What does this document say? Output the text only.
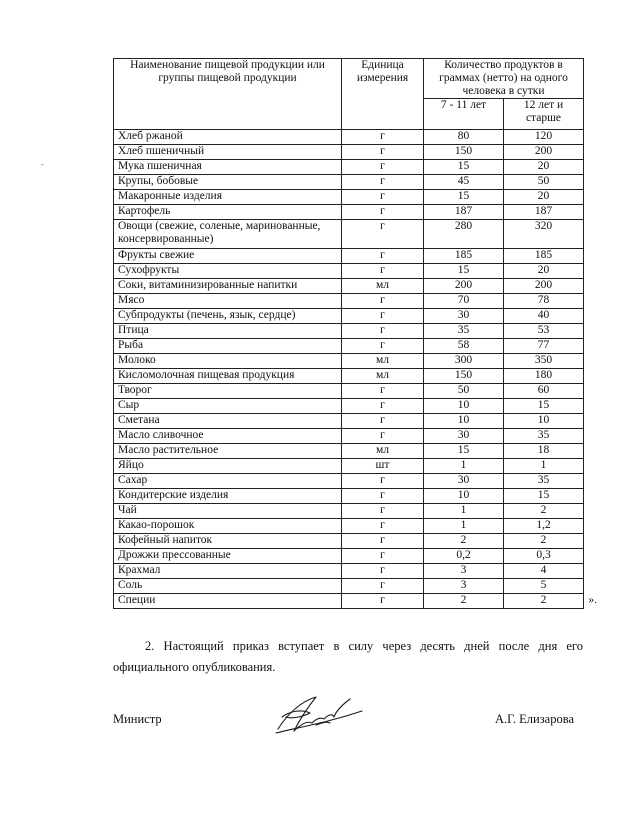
-
Наименование пищевой продукции или группы пищевой продукции	Единица измерения	Количество продуктов в граммах (нетто) на одного человека в сутки	
		7 - 11 лет	12 лет и старше
Хлеб ржаной	г	80	120
Хлеб пшеничный	г	150	200
Мука пшеничная	г	15	20
Крупы, бобовые	г	45	50
Макаронные изделия	г	15	20
Картофель	г	187	187
Овощи (свежие, соленые, маринованные, консервированные)	г	280	320
Фрукты свежие	г	185	185
Сухофрукты	г	15	20
Соки, витаминизированные напитки	мл	200	200
Мясо	г	70	78
Субпродукты (печень, язык, сердце)	г	30	40
Птица	г	35	53
Рыба	г	58	77
Молоко	мл	300	350
Кисломолочная пищевая продукция	мл	150	180
Творог	г	50	60
Сыр	г	10	15
Сметана	г	10	10
Масло сливочное	г	30	35
Масло растительное	мл	15	18
Яйцо	шт	1	1
Сахар	г	30	35
Кондитерские изделия	г	10	15
Чай	г	1	2
Какао-порошок	г	1	1,2
Кофейный напиток	г	2	2
Дрожжи прессованные	г	0,2	0,3
Крахмал	г	3	4
Соль	г	3	5
Специи	г	2	2 ».

2. Настоящий приказ вступает в силу через десять дней после дня его официального опубликования.

Министр	А.Г. Елизарова
